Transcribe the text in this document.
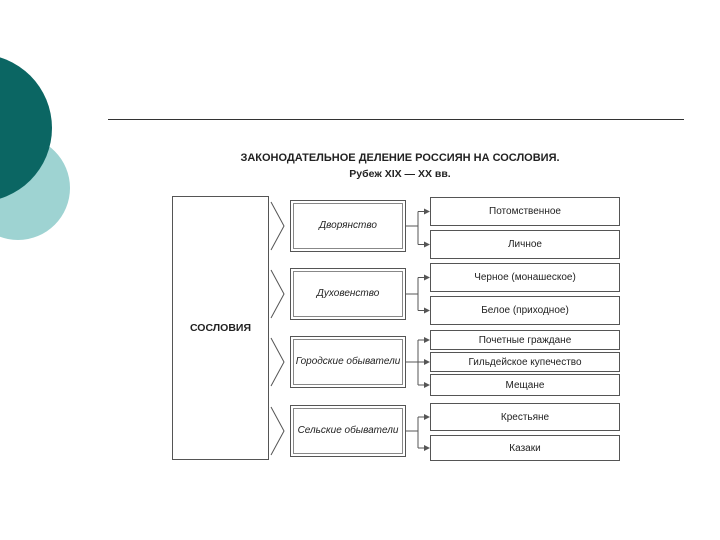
ЗАКОНОДАТЕЛЬНОЕ ДЕЛЕНИЕ РОССИЯН НА СОСЛОВИЯ.
Рубеж XIX — XX вв.
СОСЛОВИЯ
Дворянство
Духовенство
Городские обыватели
Сельские обыватели
Потомственное
Личное
Черное (монашеское)
Белое (приходное)
Почетные граждане
Гильдейское купечество
Мещане
Крестьяне
Казаки
